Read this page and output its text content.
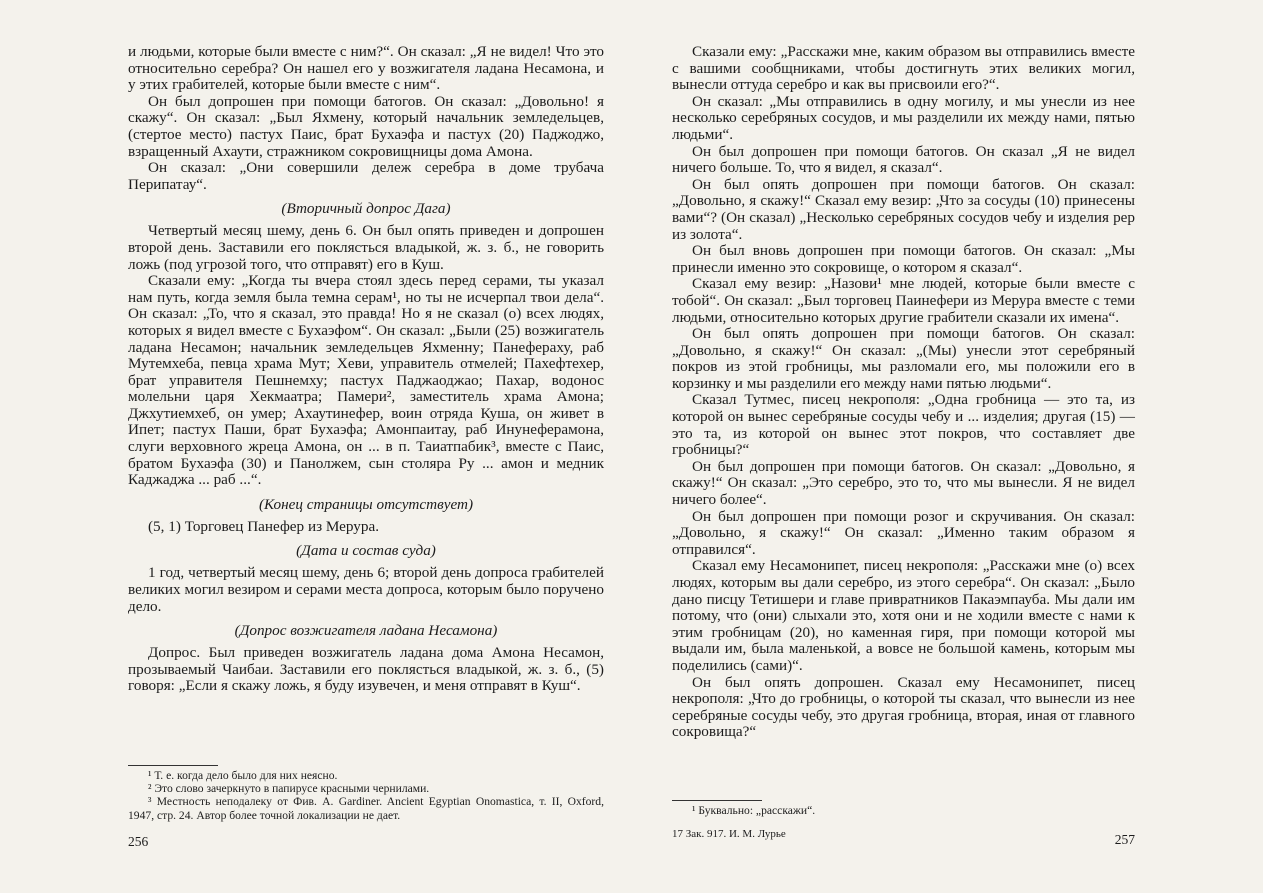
и людьми, которые были вместе с ним?“. Он сказал: „Я не видел! Что это относительно серебра? Он нашел его у возжигателя ладана Несамона, и у этих грабителей, которые были вместе с ним“.

Он был допрошен при помощи батогов. Он сказал: „Довольно! я скажу“. Он сказал: „Был Яхмену, который начальник земледельцев, (стертое место) пастух Паис, брат Бухаэфа и пастух (20) Паджоджо, взращенный Ахаути, стражником сокровищницы дома Амона.

Он сказал: „Они совершили дележ серебра в доме трубача Перипатау“.

(Вторичный допрос Дага)

Четвертый месяц шему, день 6. Он был опять приведен и допрошен второй день. Заставили его поклясться владыкой, ж. з. б., не говорить ложь (под угрозой того, что отправят) его в Куш.

Сказали ему: „Когда ты вчера стоял здесь перед серами, ты указал нам путь, когда земля была темна серам¹, но ты не исчерпал твои дела“. Он сказал: „То, что я сказал, это правда! Но я не сказал (о) всех людях, которых я видел вместе с Бухаэфом“. Он сказал: „Были (25) возжигатель ладана Несамон; начальник земледельцев Яхменну; Панефераху, раб Мутемхеба, певца храма Мут; Хеви, управитель отмелей; Пахефтехер, брат управителя Пешнемху; пастух Паджаоджао; Пахар, водонос молельни царя Хекмаатра; Памери², заместитель храма Амона; Джхутиемхеб, он умер; Ахаутинефер, воин отряда Куша, он живет в Ипет; пастух Паши, брат Бухаэфа; Амонпаитау, раб Инунеферамона, слуги верховного жреца Амона, он ... в п. Таиатпабик³, вместе с Паис, братом Бухаэфа (30) и Панолжем, сын столяра Ру ... амон и медник Каджаджа ... раб ...“.

(Конец страницы отсутствует)

(5, 1) Торговец Панефер из Мерура.

(Дата и состав суда)

1 год, четвертый месяц шему, день 6; второй день допроса грабителей великих могил везиром и серами места допроса, которым было поручено дело.

(Допрос возжигателя ладана Несамона)

Допрос. Был приведен возжигатель ладана дома Амона Несамон, прозываемый Чаибаи. Заставили его поклясться владыкой, ж. з. б., (5) говоря: „Если я скажу ложь, я буду изувечен, и меня отправят в Куш“.

¹ Т. е. когда дело было для них неясно.

² Это слово зачеркнуто в папирусе красными чернилами.

³ Местность неподалеку от Фив. A. Gardiner. Ancient Egyptian Onomastica, т. II, Oxford, 1947, стр. 24. Автор более точной локализации не дает.

256

Сказали ему: „Расскажи мне, каким образом вы отправились вместе с вашими сообщниками, чтобы достигнуть этих великих могил, вынесли оттуда серебро и как вы присвоили его?“.

Он сказал: „Мы отправились в одну могилу, и мы унесли из нее несколько серебряных сосудов, и мы разделили их между нами, пятью людьми“.

Он был допрошен при помощи батогов. Он сказал „Я не видел ничего больше. То, что я видел, я сказал“.

Он был опять допрошен при помощи батогов. Он сказал: „Довольно, я скажу!“ Сказал ему везир: „Что за сосуды (10) принесены вами“? (Он сказал) „Несколько серебряных сосудов чебу и изделия рер из золота“.

Он был вновь допрошен при помощи батогов. Он сказал: „Мы принесли именно это сокровище, о котором я сказал“.

Сказал ему везир: „Назови¹ мне людей, которые были вместе с тобой“. Он сказал: „Был торговец Паинефери из Мерура вместе с теми людьми, относительно которых другие грабители сказали их имена“.

Он был опять допрошен при помощи батогов. Он сказал: „Довольно, я скажу!“ Он сказал: „(Мы) унесли этот серебряный покров из этой гробницы, мы разломали его, мы положили его в корзинку и мы разделили его между нами пятью людьми“.

Сказал Тутмес, писец некрополя: „Одна гробница — это та, из которой он вынес серебряные сосуды чебу и ... изделия; другая (15) — это та, из которой он вынес этот покров, что составляет две гробницы?“

Он был допрошен при помощи батогов. Он сказал: „Довольно, я скажу!“ Он сказал: „Это серебро, это то, что мы вынесли. Я не видел ничего более“.

Он был допрошен при помощи розог и скручивания. Он сказал: „Довольно, я скажу!“ Он сказал: „Именно таким образом я отправился“.

Сказал ему Несамонипет, писец некрополя: „Расскажи мне (о) всех людях, которым вы дали серебро, из этого серебра“. Он сказал: „Было дано писцу Тетишери и главе привратников Пакаэмпауба. Мы дали им потому, что (они) слыхали это, хотя они и не ходили вместе с нами к этим гробницам (20), но каменная гиря, при помощи которой мы выдали им, была маленькой, а вовсе не большой камень, которым мы поделились (сами)“.

Он был опять допрошен. Сказал ему Несамонипет, писец некрополя: „Что до гробницы, о которой ты сказал, что вынесли из нее серебряные сосуды чебу, это другая гробница, вторая, иная от главного сокровища?“

¹ Буквально: „расскажи“.

17 Зак. 917. И. М. Лурье	257
